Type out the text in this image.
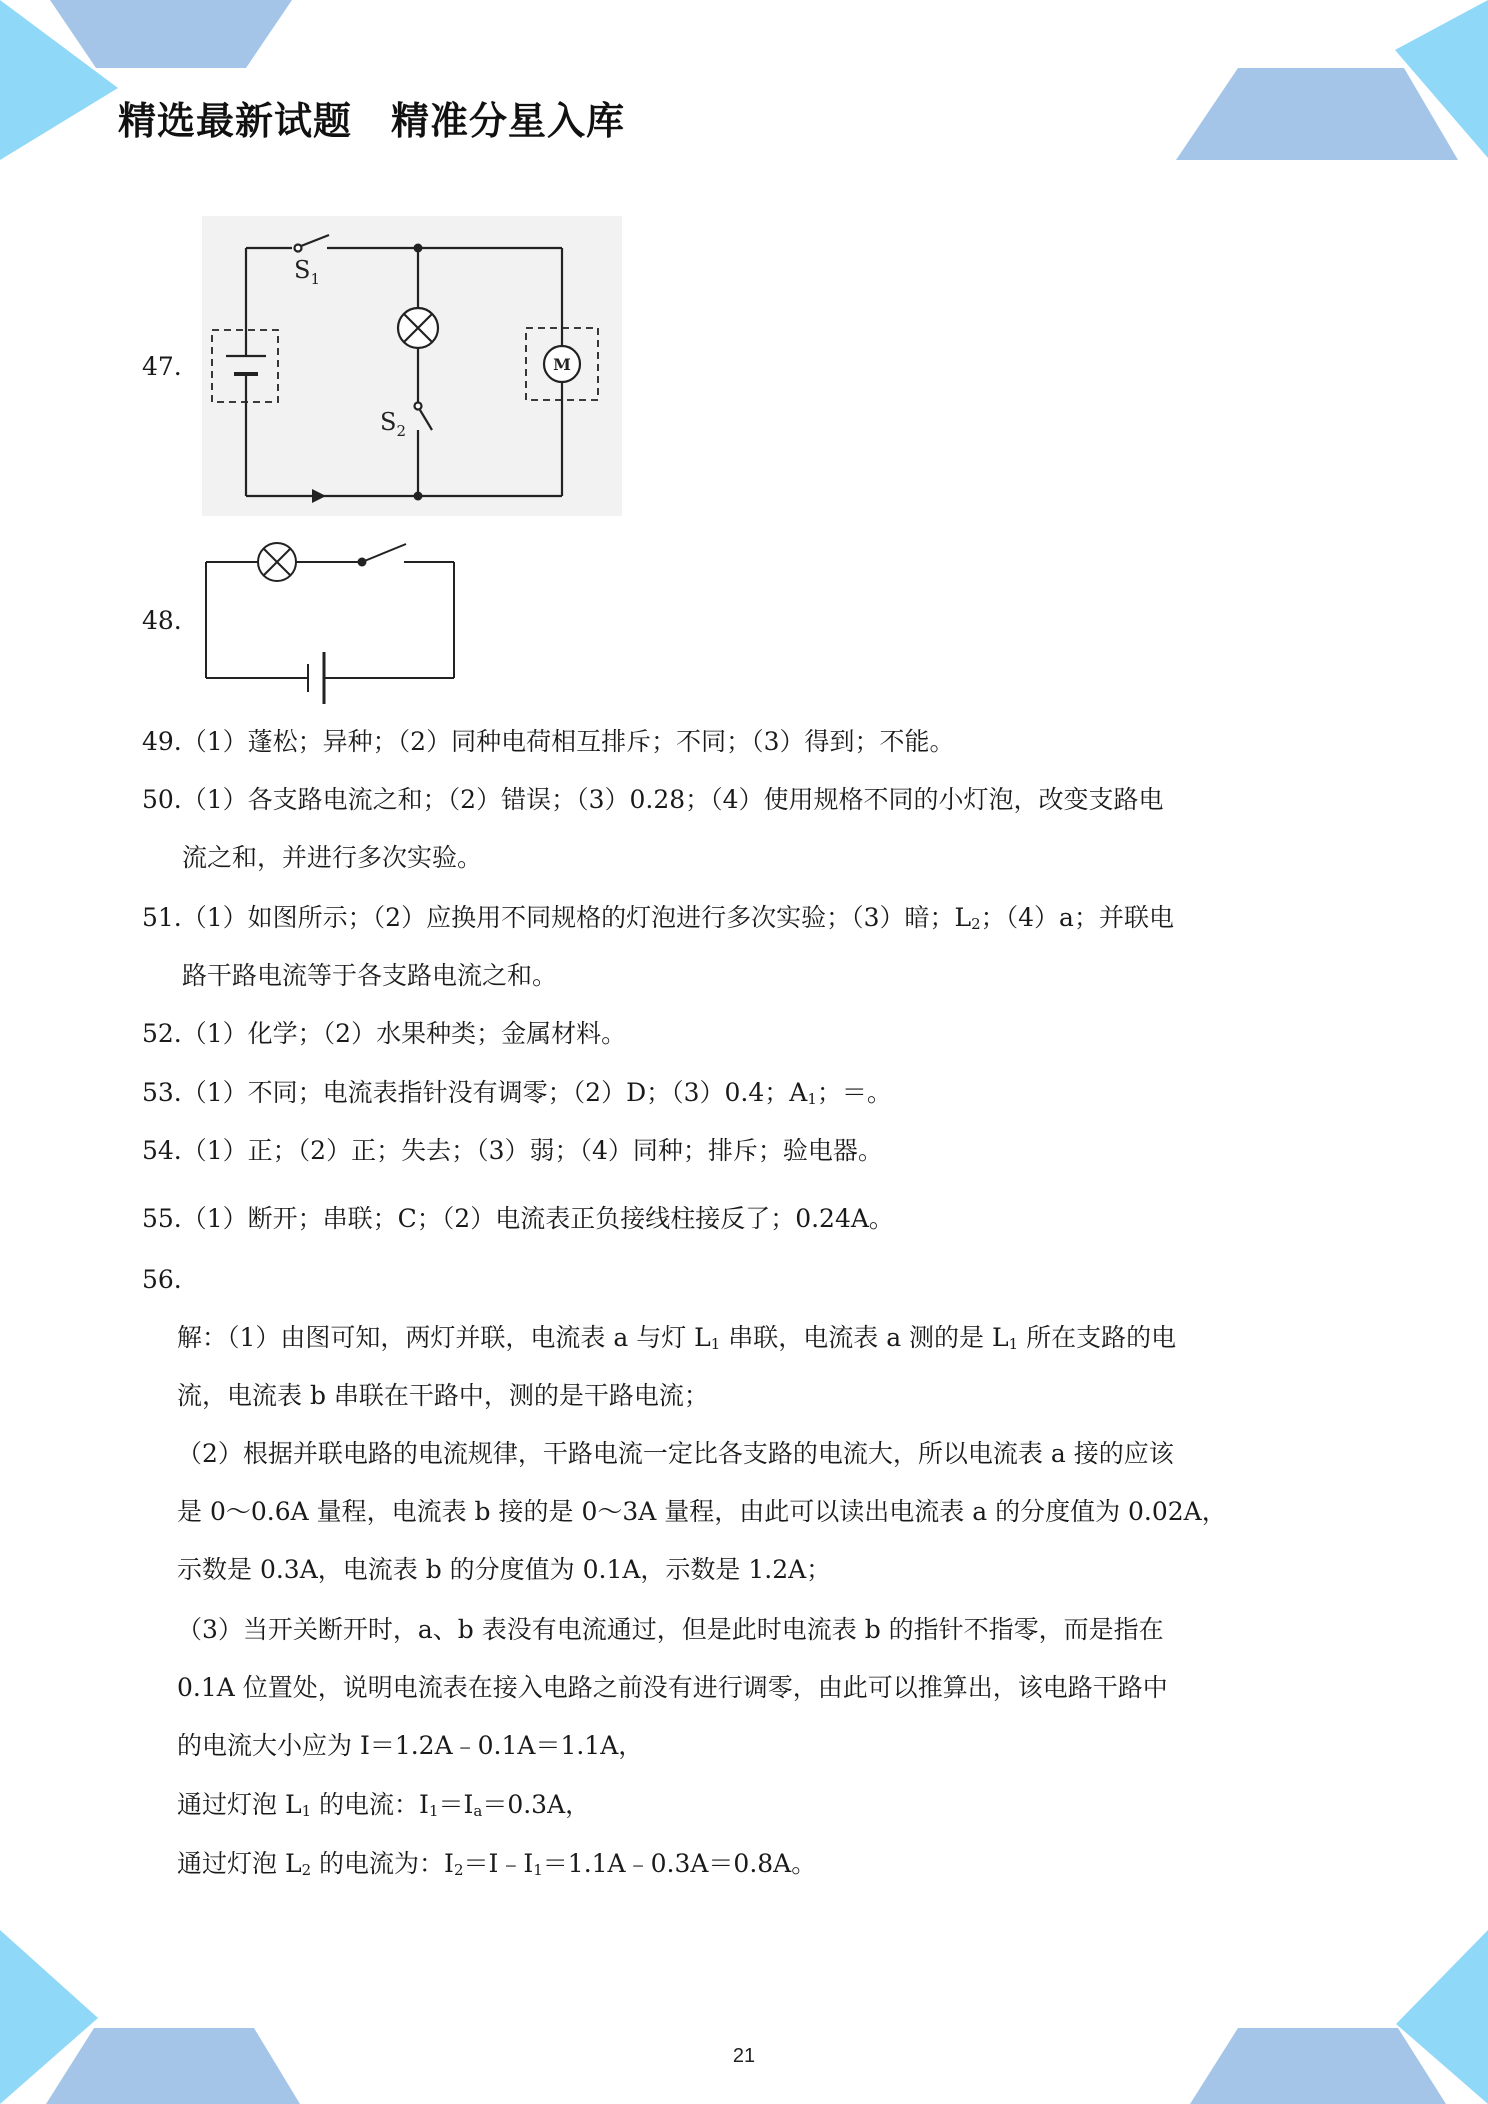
精选最新试题　精准分星入库
47.
$S_1$
$S_2$
M
48.
49.（1）蓬松；异种；（2）同种电荷相互排斥；不同；（3）得到；不能。
50.（1）各支路电流之和；（2）错误；（3）0.28；（4）使用规格不同的小灯泡，改变支路电
流之和，并进行多次实验。
51.（1）如图所示；（2）应换用不同规格的灯泡进行多次实验；（3）暗；$L_2$；（4）a；并联电
路干路电流等于各支路电流之和。
52.（1）化学；（2）水果种类；金属材料。
53.（1）不同；电流表指针没有调零；（2）D；（3）0.4；$A_1$；＝。
54.（1）正；（2）正；失去；（3）弱；（4）同种；排斥；验电器。
55.（1）断开；串联；C；（2）电流表正负接线柱接反了；0.24A。
56.
解：（1）由图可知，两灯并联，电流表 a 与灯 $L_1$ 串联，电流表 a 测的是 $L_1$ 所在支路的电
流，电流表 b 串联在干路中，测的是干路电流；
（2）根据并联电路的电流规律，干路电流一定比各支路的电流大，所以电流表 a 接的应该
是 0～0.6A 量程，电流表 b 接的是 0～3A 量程，由此可以读出电流表 a 的分度值为 0.02A，
示数是 0.3A，电流表 b 的分度值为 0.1A，示数是 1.2A；
（3）当开关断开时，a、b 表没有电流通过，但是此时电流表 b 的指针不指零，而是指在
0.1A 位置处，说明电流表在接入电路之前没有进行调零，由此可以推算出，该电路干路中
的电流大小应为 I＝1.2A﹣0.1A＝1.1A，
通过灯泡 $L_1$ 的电流：$I_1=I_a=0.3A$，
通过灯泡 $L_2$ 的电流为：$I_2=I﹣I_1=1.1A﹣0.3A=0.8A$。
21
